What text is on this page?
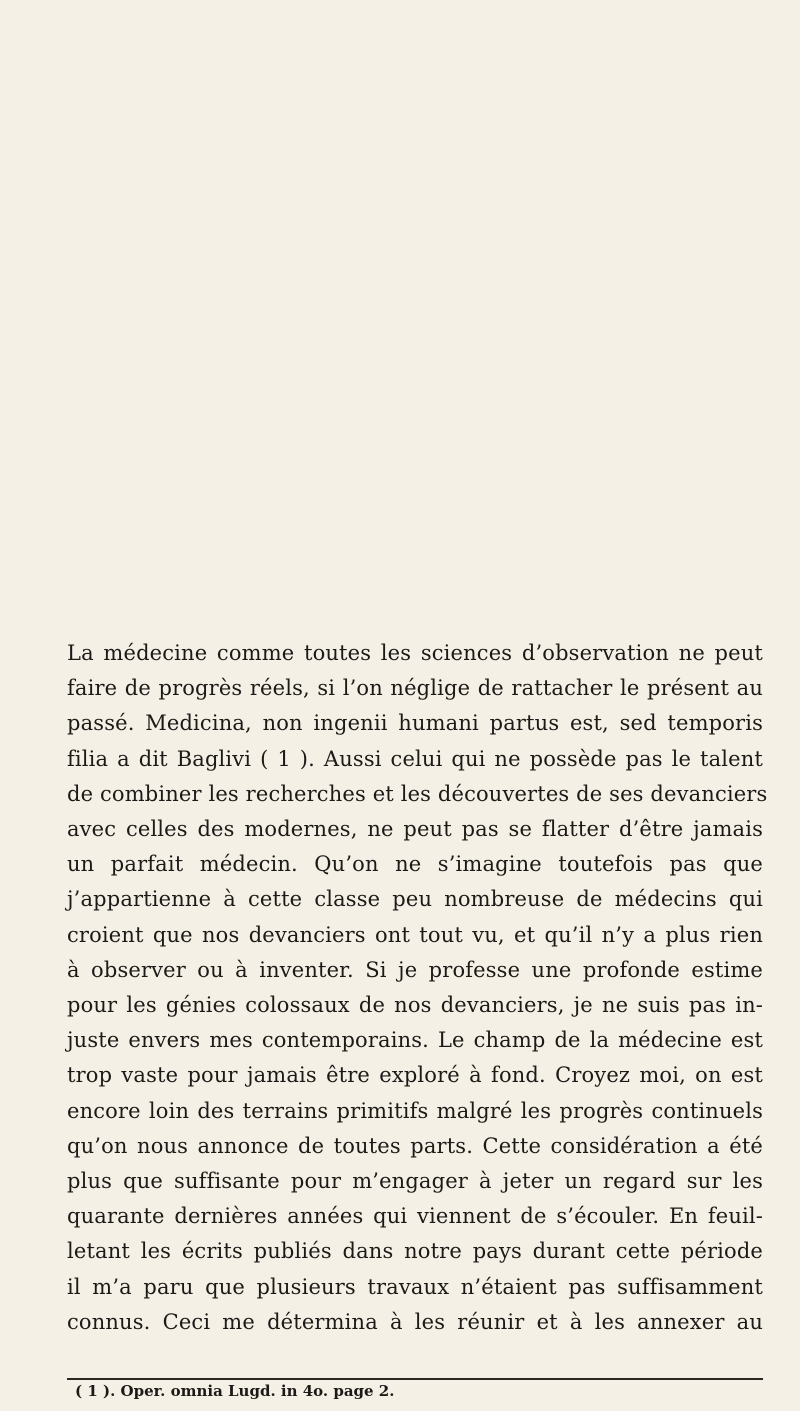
La médecine comme toutes les sciences d’observation ne peut
faire de progrès réels, si l’on néglige de rattacher le présent au
passé. Medicina, non ingenii humani partus est, sed temporis
filia a dit Baglivi ( 1 ). Aussi celui qui ne possède pas le talent
de combiner les recherches et les découvertes de ses devanciers
avec celles des modernes, ne peut pas se flatter d’être jamais
un parfait médecin. Qu’on ne s’imagine toutefois pas que
j’appartienne à cette classe peu nombreuse de médecins qui
croient que nos devanciers ont tout vu, et qu’il n’y a plus rien
à observer ou à inventer. Si je professe une profonde estime
pour les génies colossaux de nos devanciers, je ne suis pas in-
juste envers mes contemporains. Le champ de la médecine est
trop vaste pour jamais être exploré à fond. Croyez moi, on est
encore loin des terrains primitifs malgré les progrès continuels
qu’on nous annonce de toutes parts. Cette considération a été
plus que suffisante pour m’engager à jeter un regard sur les
quarante dernières années qui viennent de s’écouler. En feuil-
letant les écrits publiés dans notre pays durant cette période
il m’a paru que plusieurs travaux n’étaient pas suffisamment
connus. Ceci me détermina à les réunir et à les annexer au

( 1 ). Oper. omnia Lugd. in 4o. page 2.
